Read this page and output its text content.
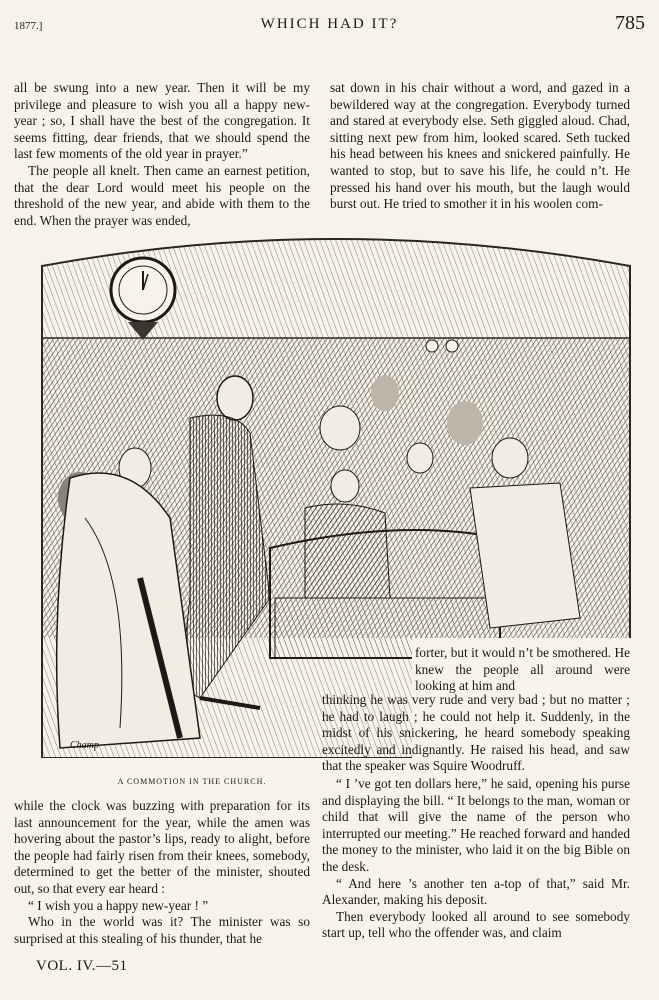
1877.]	WHICH HAD IT?	785

all be swung into a new year. Then it will be my privilege and pleasure to wish you all a happy new-year ; so, I shall have the best of the congregation. It seems fitting, dear friends, that we should spend the last few moments of the old year in prayer.”

The people all knelt. Then came an earnest petition, that the dear Lord would meet his people on the threshold of the new year, and abide with them to the end. When the prayer was ended,

sat down in his chair without a word, and gazed in a bewildered way at the congregation. Everybody turned and stared at everybody else. Seth giggled aloud. Chad, sitting next pew from him, looked scared. Seth tucked his head between his knees and snickered painfully. He wanted to stop, but to save his life, he could n’t. He pressed his hand over his mouth, but the laugh would burst out. He tried to smother it in his woolen com-

Champ
A COMMOTION IN THE CHURCH.

forter, but it would n’t be smothered. He knew the people all around were looking at him and

thinking he was very rude and very bad ; but no matter ; he had to laugh ; he could not help it. Suddenly, in the midst of his snickering, he heard somebody speaking excitedly and indignantly. He raised his head, and saw that the speaker was Squire Woodruff.

while the clock was buzzing with preparation for its last announcement for the year, while the amen was hovering about the pastor’s lips, ready to alight, before the people had fairly risen from their knees, somebody, determined to get the better of the minister, shouted out, so that every ear heard :

“ I wish you a happy new-year ! ”

Who in the world was it? The minister was so surprised at this stealing of his thunder, that he

“ I ’ve got ten dollars here,” he said, opening his purse and displaying the bill. “ It belongs to the man, woman or child that will give the name of the person who interrupted our meeting.” He reached forward and handed the money to the minister, who laid it on the big Bible on the desk.

“ And here ’s another ten a-top of that,” said Mr. Alexander, making his deposit.

Then everybody looked all around to see somebody start up, tell who the offender was, and claim

VOL. IV.—51
